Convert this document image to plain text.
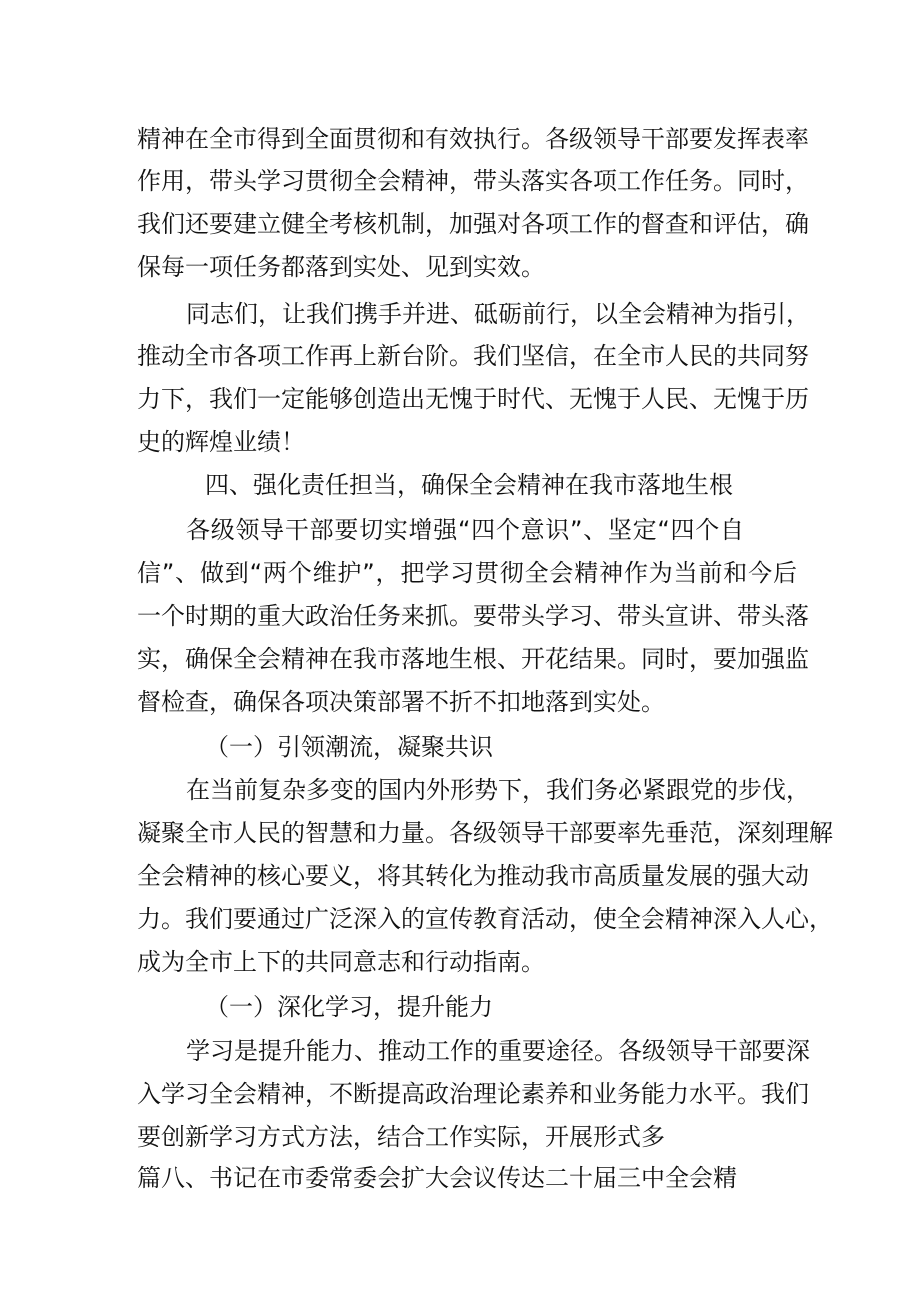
精神在全市得到全面贯彻和有效执行。各级领导干部要发挥表率
作用，带头学习贯彻全会精神，带头落实各项工作任务。同时，
我们还要建立健全考核机制，加强对各项工作的督查和评估，确
保每一项任务都落到实处、见到实效。
同志们，让我们携手并进、砥砺前行，以全会精神为指引，
推动全市各项工作再上新台阶。我们坚信，在全市人民的共同努
力下，我们一定能够创造出无愧于时代、无愧于人民、无愧于历
史的辉煌业绩！
四、强化责任担当，确保全会精神在我市落地生根
各级领导干部要切实增强“四个意识”、坚定“四个自
信”、做到“两个维护”，把学习贯彻全会精神作为当前和今后
一个时期的重大政治任务来抓。要带头学习、带头宣讲、带头落
实，确保全会精神在我市落地生根、开花结果。同时，要加强监
督检查，确保各项决策部署不折不扣地落到实处。
（一）引领潮流，凝聚共识
在当前复杂多变的国内外形势下，我们务必紧跟党的步伐，
凝聚全市人民的智慧和力量。各级领导干部要率先垂范，深刻理解
全会精神的核心要义，将其转化为推动我市高质量发展的强大动
力。我们要通过广泛深入的宣传教育活动，使全会精神深入人心，
成为全市上下的共同意志和行动指南。
（一）深化学习，提升能力
学习是提升能力、推动工作的重要途径。各级领导干部要深
入学习全会精神，不断提高政治理论素养和业务能力水平。我们
要创新学习方式方法，结合工作实际，开展形式多
篇八、书记在市委常委会扩大会议传达二十届三中全会精
